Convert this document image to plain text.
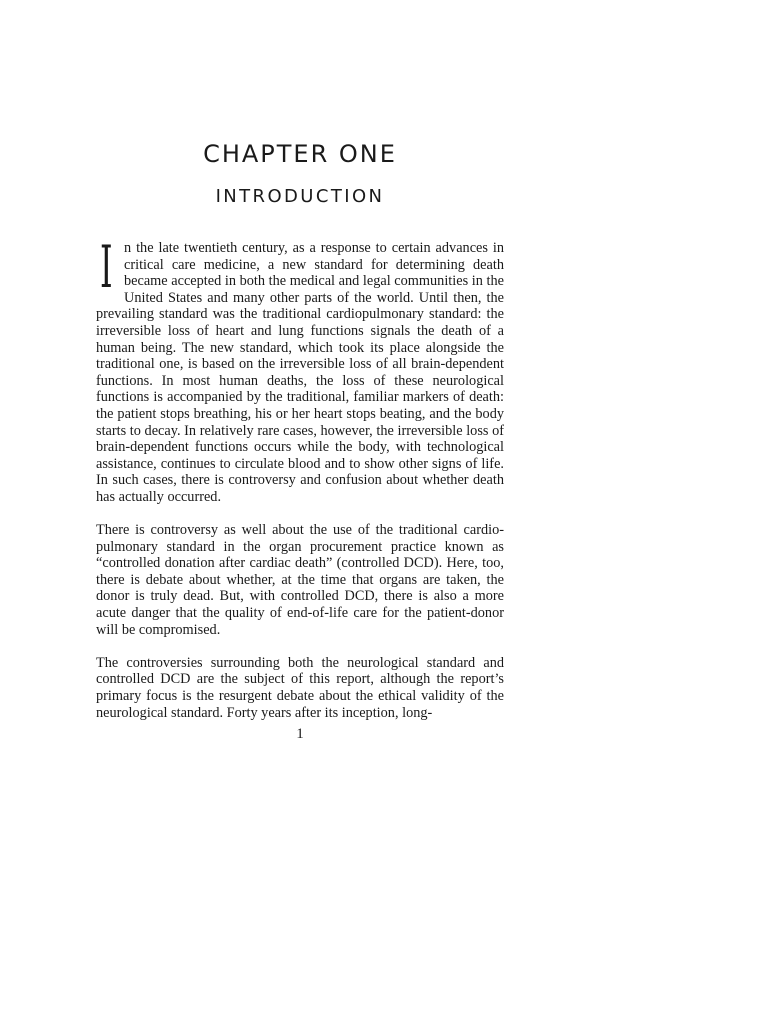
CHAPTER ONE
INTRODUCTION

In the late twentieth century, as a response to certain advances in critical care medicine, a new standard for determining death became accepted in both the medical and legal communities in the United States and many other parts of the world. Until then, the prevailing standard was the traditional cardiopulmonary standard: the irreversible loss of heart and lung functions signals the death of a human being. The new standard, which took its place alongside the traditional one, is based on the irreversible loss of all brain-dependent functions. In most human deaths, the loss of these neurological functions is accompanied by the traditional, familiar markers of death: the patient stops breathing, his or her heart stops beating, and the body starts to decay. In relatively rare cases, however, the irreversible loss of brain-dependent functions occurs while the body, with technological assistance, continues to circulate blood and to show other signs of life. In such cases, there is controversy and confusion about whether death has actually occurred.

There is controversy as well about the use of the traditional cardiopulmonary standard in the organ procurement practice known as “controlled donation after cardiac death” (controlled DCD). Here, too, there is debate about whether, at the time that organs are taken, the donor is truly dead. But, with controlled DCD, there is also a more acute danger that the quality of end-of-life care for the patient-donor will be compromised.

The controversies surrounding both the neurological standard and controlled DCD are the subject of this report, although the report’s primary focus is the resurgent debate about the ethical validity of the neurological standard. Forty years after its inception, long-

1
